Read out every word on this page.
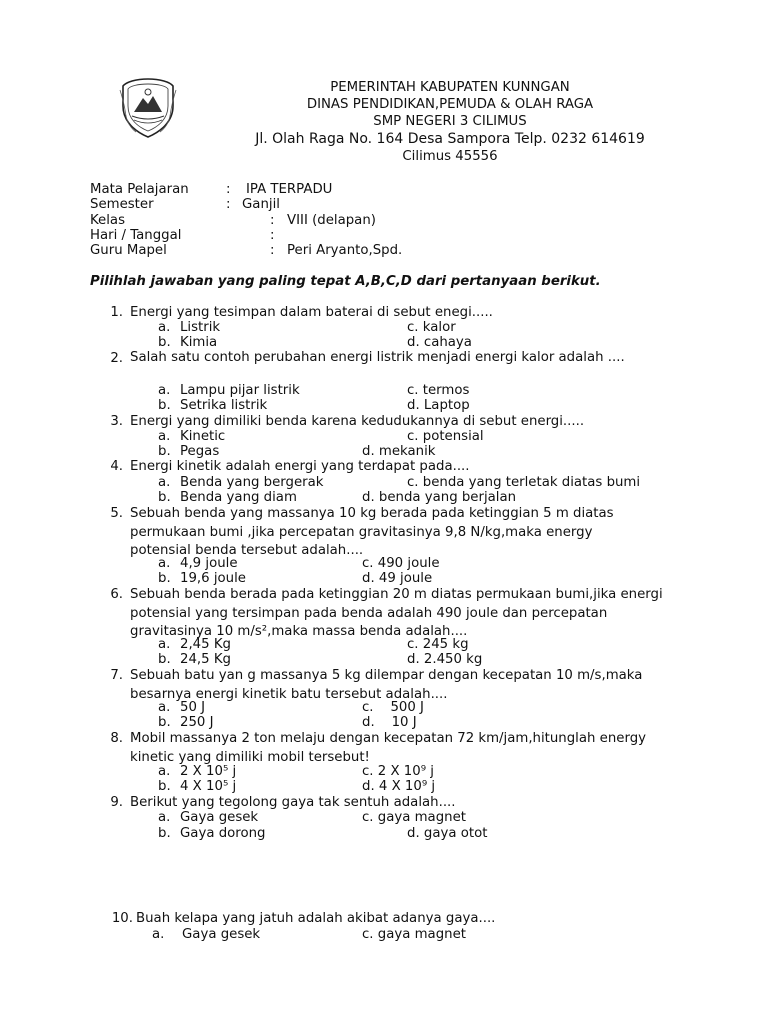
PEMERINTAH KABUPATEN KUNNGAN
DINAS PENDIDIKAN,PEMUDA & OLAH RAGA
SMP NEGERI 3 CILIMUS
Jl. Olah Raga No. 164 Desa Sampora Telp. 0232 614619
Cilimus 45556
Mata Pelajaran	: IPA TERPADU
Semester	: Ganjil
Kelas	: VIII (delapan)
Hari / Tanggal	:
Guru Mapel	: Peri Aryanto,Spd.
Pilihlah jawaban yang paling tepat A,B,C,D dari pertanyaan berikut.
1. Energi yang tesimpan dalam baterai di sebut enegi.....
a. Listrik
b. Kimia
c. kalor
d. cahaya
2. Salah satu contoh perubahan energi listrik menjadi energi kalor adalah ....
a. Lampu pijar listrik
b. Setrika listrik
c. termos
d. Laptop
3. Energi yang dimiliki benda karena kedudukannya di sebut energi.....
a. Kinetic
b. Pegas
c. potensial
d. mekanik
4. Energi kinetik adalah energi yang terdapat pada....
a. Benda yang bergerak
b. Benda yang diam
c. benda yang terletak diatas bumi
d. benda yang berjalan
5. Sebuah benda yang massanya 10 kg berada pada ketinggian 5 m diatas permukaan bumi ,jika percepatan gravitasinya 9,8 N/kg,maka energy potensial benda tersebut adalah....
a. 4,9 joule
b. 19,6 joule
c. 490 joule
d. 49 joule
6. Sebuah benda berada pada ketinggian 20 m diatas permukaan bumi,jika energi potensial yang tersimpan pada benda adalah 490 joule dan percepatan gravitasinya 10 m/s²,maka massa benda adalah....
a. 2,45 Kg
b. 24,5 Kg
c. 245 kg
d. 2.450 kg
7. Sebuah batu yan g massanya 5 kg dilempar dengan kecepatan 10 m/s,maka besarnya energi kinetik batu tersebut adalah....
a. 50 J
b. 250 J
c.    500 J
d.    10 J
8. Mobil massanya 2 ton melaju dengan kecepatan 72 km/jam,hitunglah energy kinetic yang dimiliki mobil tersebut!
a. 2 X 10⁵ j
b. 4 X 10⁵ j
c. 2 X 10⁹ j
d. 4 X 10⁹ j
9. Berikut yang tegolong gaya tak sentuh adalah....
a. Gaya gesek
b. Gaya dorong
c. gaya magnet
d. gaya otot
10. Buah kelapa yang jatuh adalah akibat adanya gaya....
a. Gaya gesek	c. gaya magnet
